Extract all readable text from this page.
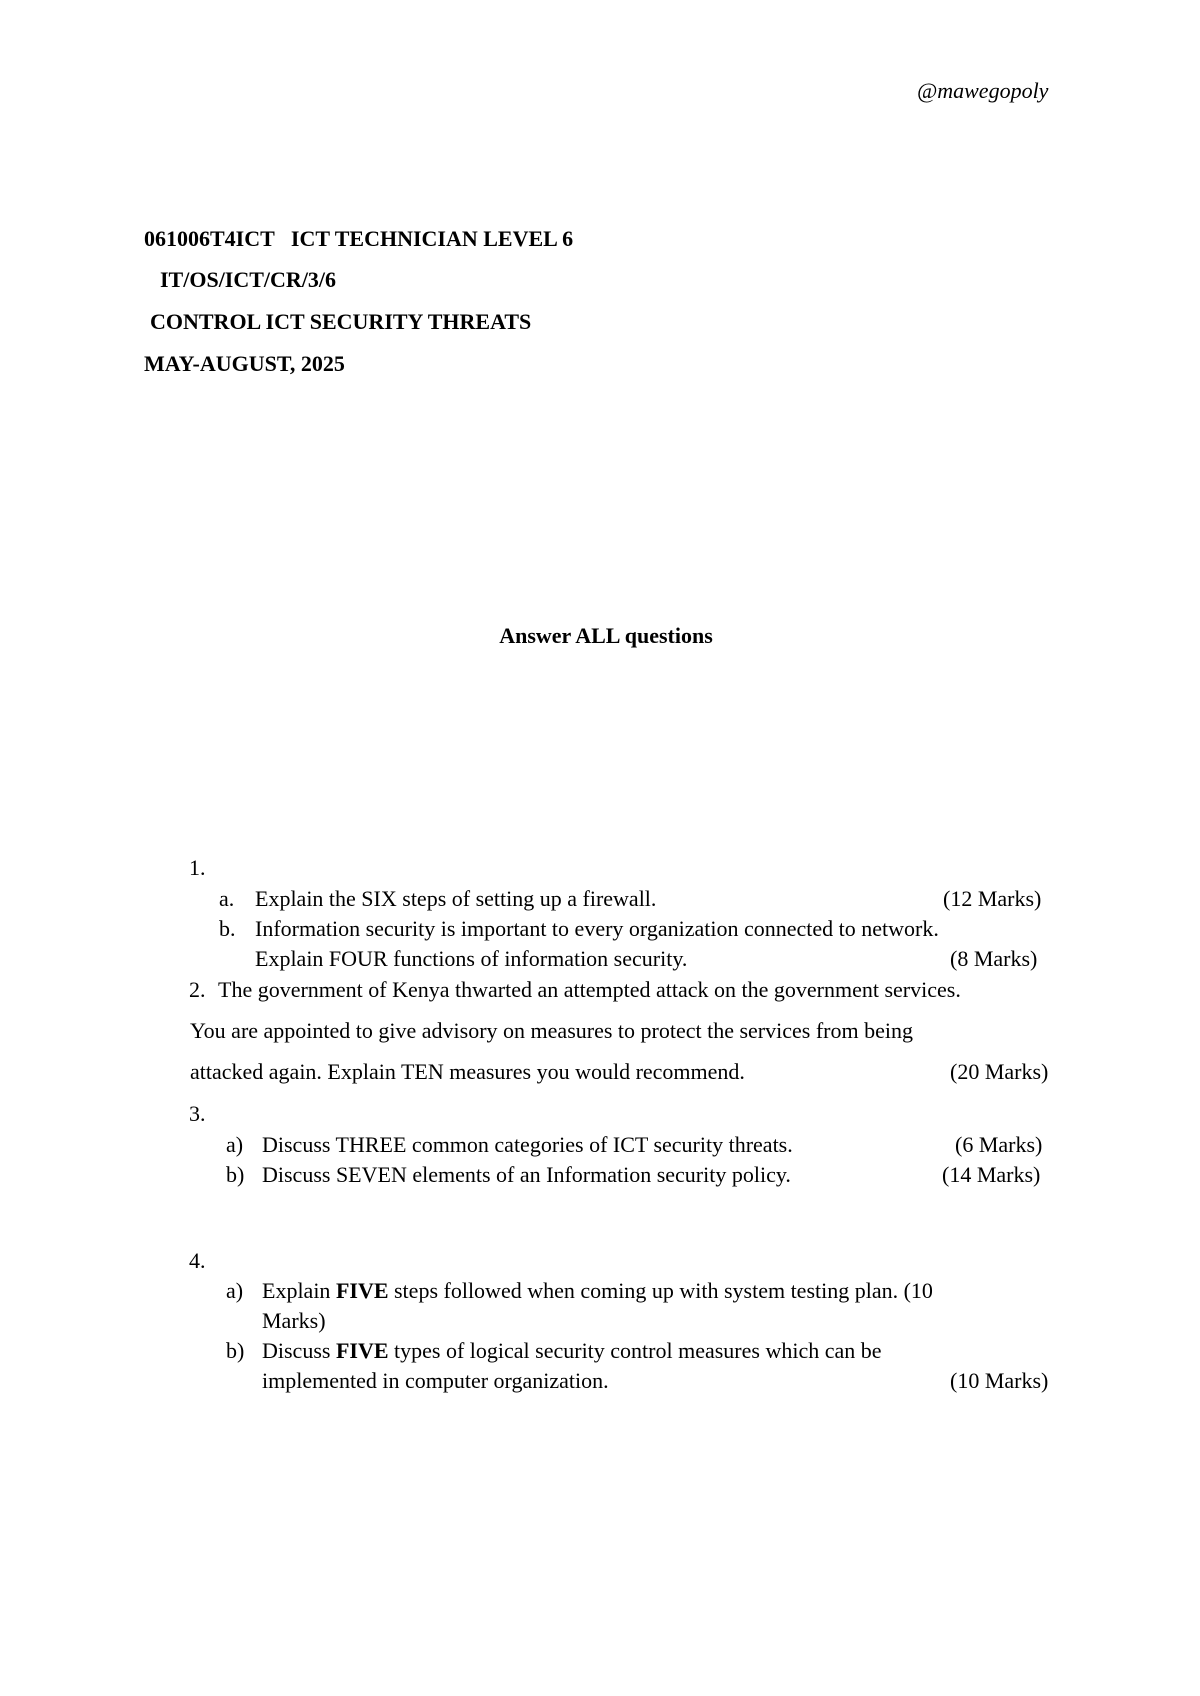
@mawegopoly
061006T4ICT   ICT TECHNICIAN LEVEL 6
IT/OS/ICT/CR/3/6
CONTROL ICT SECURITY THREATS
MAY-AUGUST, 2025
Answer ALL questions
1.
a. Explain the SIX steps of setting up a firewall.	(12 Marks)
b. Information security is important to every organization connected to network.
Explain FOUR functions of information security.	(8 Marks)
2. The government of Kenya thwarted an attempted attack on the government services.
You are appointed to give advisory on measures to protect the services from being
attacked again. Explain TEN measures you would recommend.	(20 Marks)
3.
a) Discuss THREE common categories of ICT security threats.	(6 Marks)
b) Discuss SEVEN elements of an Information security policy.	(14 Marks)
4.
a) Explain FIVE steps followed when coming up with system testing plan. (10
Marks)
b) Discuss FIVE types of logical security control measures which can be
implemented in computer organization.	(10 Marks)
